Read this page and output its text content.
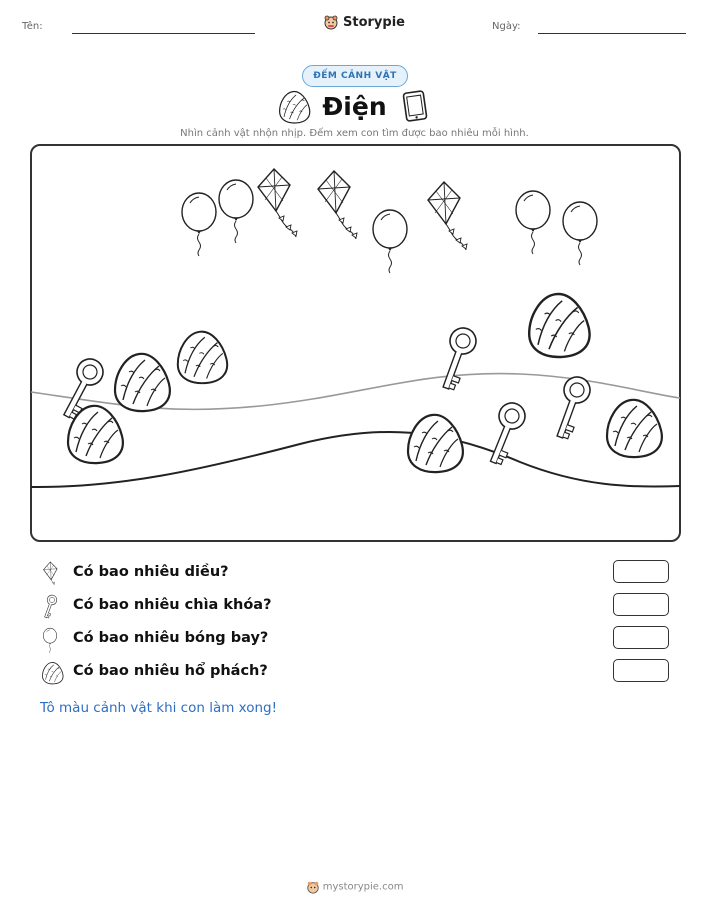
Tên:	Storypie	Ngày:
ĐẾM CẢNH VẬT
Điện
Nhìn cảnh vật nhộn nhịp. Đếm xem con tìm được bao nhiêu mỗi hình.
Có bao nhiêu diều?
Có bao nhiêu chìa khóa?
Có bao nhiêu bóng bay?
Có bao nhiêu hổ phách?
Tô màu cảnh vật khi con làm xong!
mystorypie.com
